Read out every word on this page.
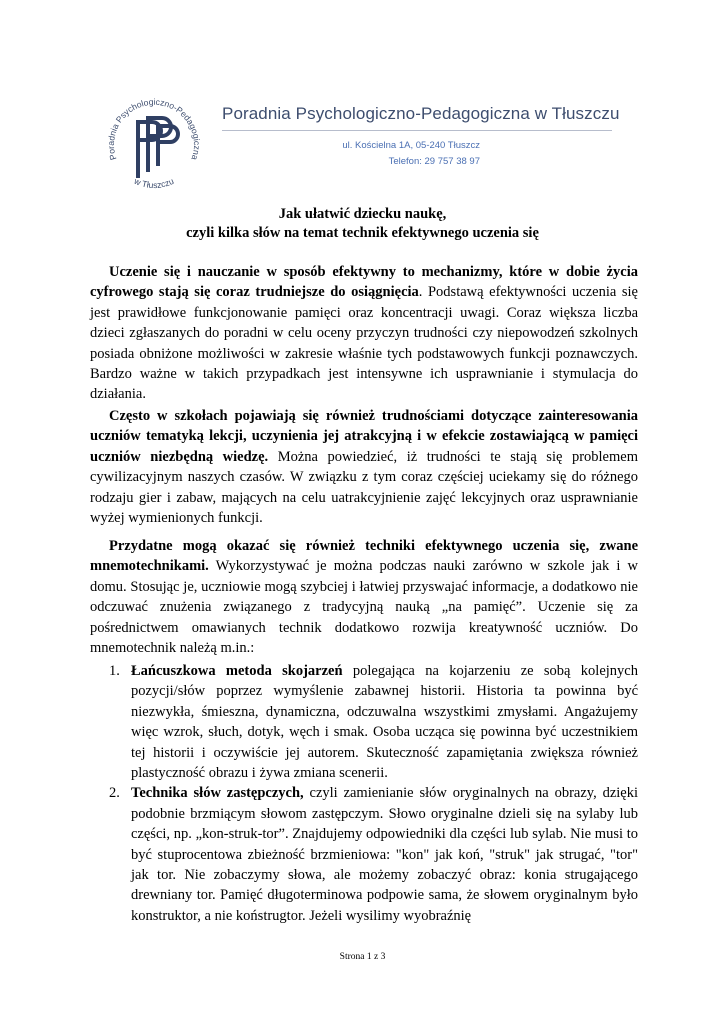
Poradnia Psychologiczno-Pedagogiczna
w Tłuszczu
Poradnia Psychologiczno-Pedagogiczna w Tłuszczu
ul. Kościelna 1A, 05-240 Tłuszcz
Telefon: 29 757 38 97
Jak ułatwić dziecku naukę,
czyli kilka słów na temat technik efektywnego uczenia się

Uczenie się i nauczanie w sposób efektywny to mechanizmy, które w dobie życia cyfrowego stają się coraz trudniejsze do osiągnięcia. Podstawą efektywności uczenia się jest prawidłowe funkcjonowanie pamięci oraz koncentracji uwagi. Coraz większa liczba dzieci zgłaszanych do poradni w celu oceny przyczyn trudności czy niepowodzeń szkolnych posiada obniżone możliwości w zakresie właśnie tych podstawowych funkcji poznawczych. Bardzo ważne w takich przypadkach jest intensywne ich usprawnianie i stymulacja do działania.

Często w szkołach pojawiają się również trudnościami dotyczące zainteresowania uczniów tematyką lekcji, uczynienia jej atrakcyjną i w efekcie zostawiającą w pamięci uczniów niezbędną wiedzę. Można powiedzieć, iż trudności te stają się problemem cywilizacyjnym naszych czasów. W związku z tym coraz częściej uciekamy się do różnego rodzaju gier i zabaw, mających na celu uatrakcyjnienie zajęć lekcyjnych oraz usprawnianie wyżej wymienionych funkcji.

Przydatne mogą okazać się również techniki efektywnego uczenia się, zwane mnemotechnikami. Wykorzystywać je można podczas nauki zarówno w szkole jak i w domu. Stosując je, uczniowie mogą szybciej i łatwiej przyswajać informacje, a dodatkowo nie odczuwać znużenia związanego z tradycyjną nauką „na pamięć”. Uczenie się za pośrednictwem omawianych technik dodatkowo rozwija kreatywność uczniów. Do mnemotechnik należą m.in.:

1. Łańcuszkowa metoda skojarzeń polegająca na kojarzeniu ze sobą kolejnych pozycji/słów poprzez wymyślenie zabawnej historii. Historia ta powinna być niezwykła, śmieszna, dynamiczna, odczuwalna wszystkimi zmysłami. Angażujemy więc wzrok, słuch, dotyk, węch i smak. Osoba ucząca się powinna być uczestnikiem tej historii i oczywiście jej autorem. Skuteczność zapamiętania zwiększa również plastyczność obrazu i żywa zmiana scenerii.
2. Technika słów zastępczych, czyli zamienianie słów oryginalnych na obrazy, dzięki podobnie brzmiącym słowom zastępczym. Słowo oryginalne dzieli się na sylaby lub części, np. „kon-struk-tor”. Znajdujemy odpowiedniki dla części lub sylab. Nie musi to być stuprocentowa zbieżność brzmieniowa: "kon" jak koń, "struk" jak strugać, "tor" jak tor. Nie zobaczymy słowa, ale możemy zobaczyć obraz: konia strugającego drewniany tor. Pamięć długoterminowa podpowie sama, że słowem oryginalnym było konstruktor, a nie koństrugtor. Jeżeli wysilimy wyobraźnię
Strona 1 z 3
